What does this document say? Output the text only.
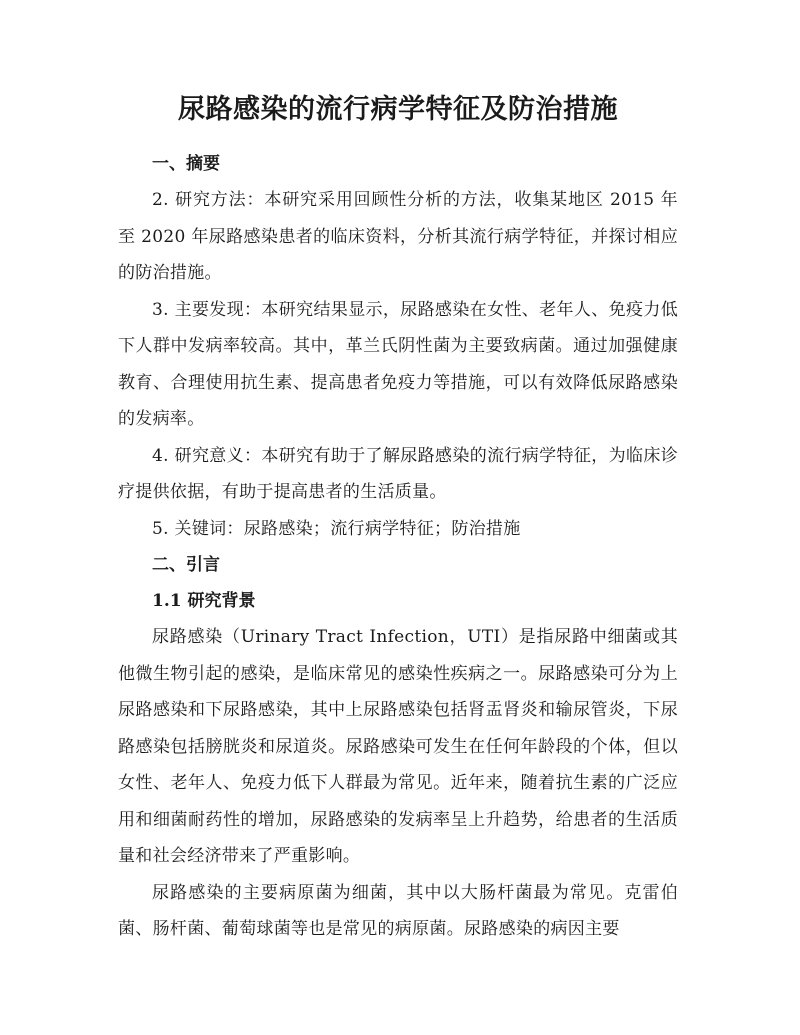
尿路感染的流行病学特征及防治措施
一、摘要

2. 研究方法：本研究采用回顾性分析的方法，收集某地区 2015 年至 2020 年尿路感染患者的临床资料，分析其流行病学特征，并探讨相应的防治措施。

3. 主要发现：本研究结果显示，尿路感染在女性、老年人、免疫力低下人群中发病率较高。其中，革兰氏阴性菌为主要致病菌。通过加强健康教育、合理使用抗生素、提高患者免疫力等措施，可以有效降低尿路感染的发病率。

4. 研究意义：本研究有助于了解尿路感染的流行病学特征，为临床诊疗提供依据，有助于提高患者的生活质量。

5. 关键词：尿路感染；流行病学特征；防治措施

二、引言
1.1 研究背景

尿路感染（Urinary Tract Infection，UTI）是指尿路中细菌或其他微生物引起的感染，是临床常见的感染性疾病之一。尿路感染可分为上尿路感染和下尿路感染，其中上尿路感染包括肾盂肾炎和输尿管炎，下尿路感染包括膀胱炎和尿道炎。尿路感染可发生在任何年龄段的个体，但以女性、老年人、免疫力低下人群最为常见。近年来，随着抗生素的广泛应用和细菌耐药性的增加，尿路感染的发病率呈上升趋势，给患者的生活质量和社会经济带来了严重影响。

尿路感染的主要病原菌为细菌，其中以大肠杆菌最为常见。克雷伯菌、肠杆菌、葡萄球菌等也是常见的病原菌。尿路感染的病因主要
